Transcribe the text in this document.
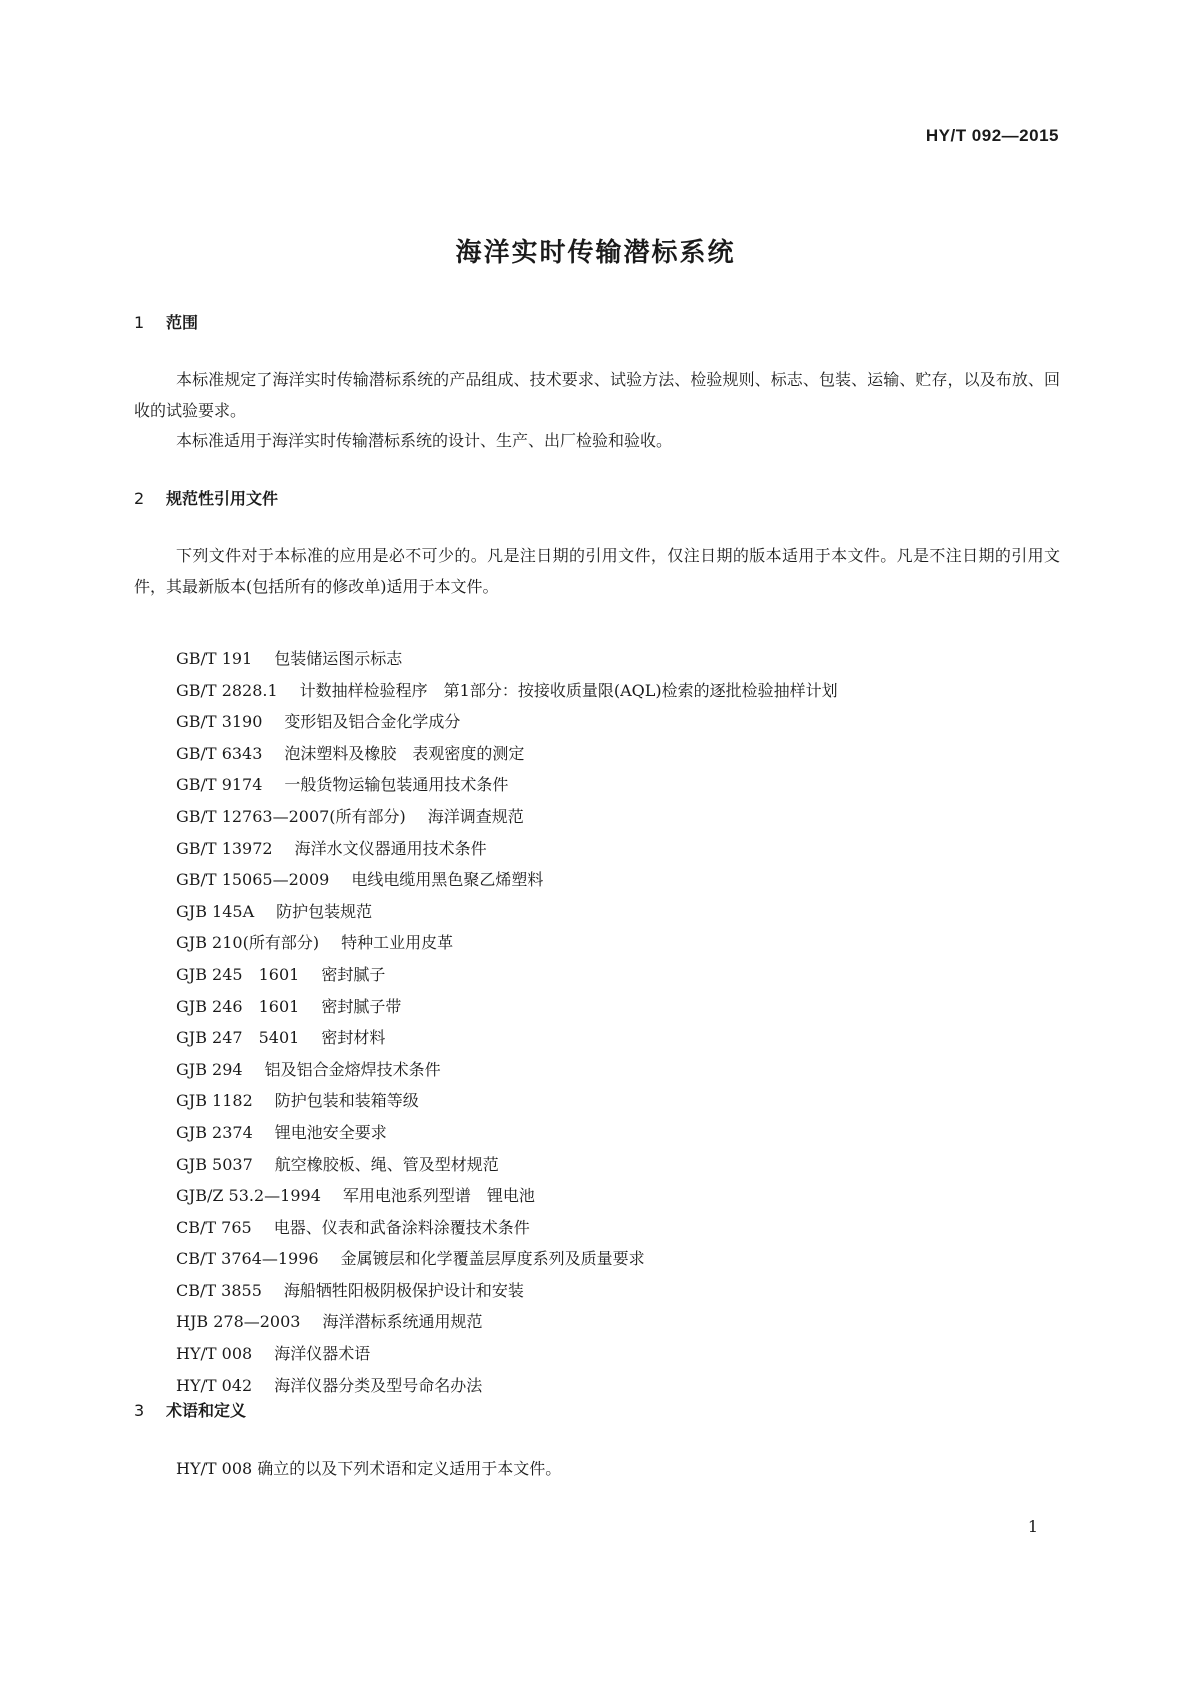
HY/T 092—2015
海洋实时传输潜标系统
1 范围
本标准规定了海洋实时传输潜标系统的产品组成、技术要求、试验方法、检验规则、标志、包装、运输、贮存，以及布放、回收的试验要求。
本标准适用于海洋实时传输潜标系统的设计、生产、出厂检验和验收。
2 规范性引用文件
下列文件对于本标准的应用是必不可少的。凡是注日期的引用文件，仅注日期的版本适用于本文件。凡是不注日期的引用文件，其最新版本(包括所有的修改单)适用于本文件。
GB/T 191 包装储运图示标志
GB/T 2828.1 计数抽样检验程序　第1部分：按接收质量限(AQL)检索的逐批检验抽样计划
GB/T 3190 变形铝及铝合金化学成分
GB/T 6343 泡沫塑料及橡胶　表观密度的测定
GB/T 9174 一般货物运输包装通用技术条件
GB/T 12763—2007(所有部分) 海洋调查规范
GB/T 13972 海洋水文仪器通用技术条件
GB/T 15065—2009 电线电缆用黑色聚乙烯塑料
GJB 145A 防护包装规范
GJB 210(所有部分) 特种工业用皮革
GJB 245　1601 密封腻子
GJB 246　1601 密封腻子带
GJB 247　5401 密封材料
GJB 294 铝及铝合金熔焊技术条件
GJB 1182 防护包装和装箱等级
GJB 2374 锂电池安全要求
GJB 5037 航空橡胶板、绳、管及型材规范
GJB/Z 53.2—1994 军用电池系列型谱　锂电池
CB/T 765 电器、仪表和武备涂料涂覆技术条件
CB/T 3764—1996 金属镀层和化学覆盖层厚度系列及质量要求
CB/T 3855 海船牺牲阳极阴极保护设计和安装
HJB 278—2003 海洋潜标系统通用规范
HY/T 008 海洋仪器术语
HY/T 042 海洋仪器分类及型号命名办法
3 术语和定义
HY/T 008 确立的以及下列术语和定义适用于本文件。
1
